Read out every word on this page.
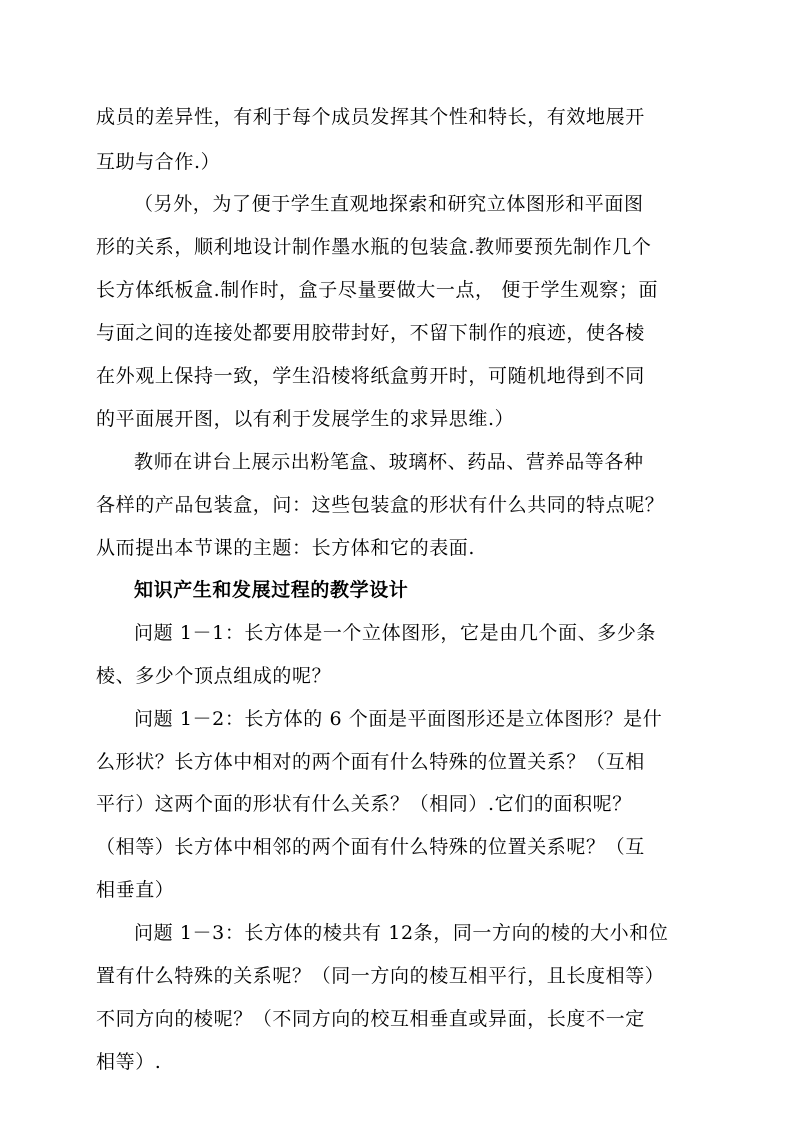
成员的差异性，有利于每个成员发挥其个性和特长，有效地展开
互助与合作.）
（另外，为了便于学生直观地探索和研究立体图形和平面图
形的关系，顺利地设计制作墨水瓶的包装盒.教师要预先制作几个
长方体纸板盒.制作时，盒子尽量要做大一点， 便于学生观察；面
与面之间的连接处都要用胶带封好，不留下制作的痕迹，使各棱
在外观上保持一致，学生沿棱将纸盒剪开时，可随机地得到不同
的平面展开图，以有利于发展学生的求异思维.）
教师在讲台上展示出粉笔盒、玻璃杯、药品、营养品等各种
各样的产品包装盒，问：这些包装盒的形状有什么共同的特点呢？
从而提出本节课的主题：长方体和它的表面.
知识产生和发展过程的教学设计
问题 1－1：长方体是一个立体图形，它是由几个面、多少条
棱、多少个顶点组成的呢？
问题 1－2：长方体的 6 个面是平面图形还是立体图形？是什
么形状？长方体中相对的两个面有什么特殊的位置关系？（互相
平行）这两个面的形状有什么关系？（相同）.它们的面积呢？
（相等）长方体中相邻的两个面有什么特殊的位置关系呢？（互
相垂直）
问题 1－3：长方体的棱共有 12条，同一方向的棱的大小和位
置有什么特殊的关系呢？（同一方向的棱互相平行，且长度相等）
不同方向的棱呢？（不同方向的校互相垂直或异面，长度不一定
相等）.
